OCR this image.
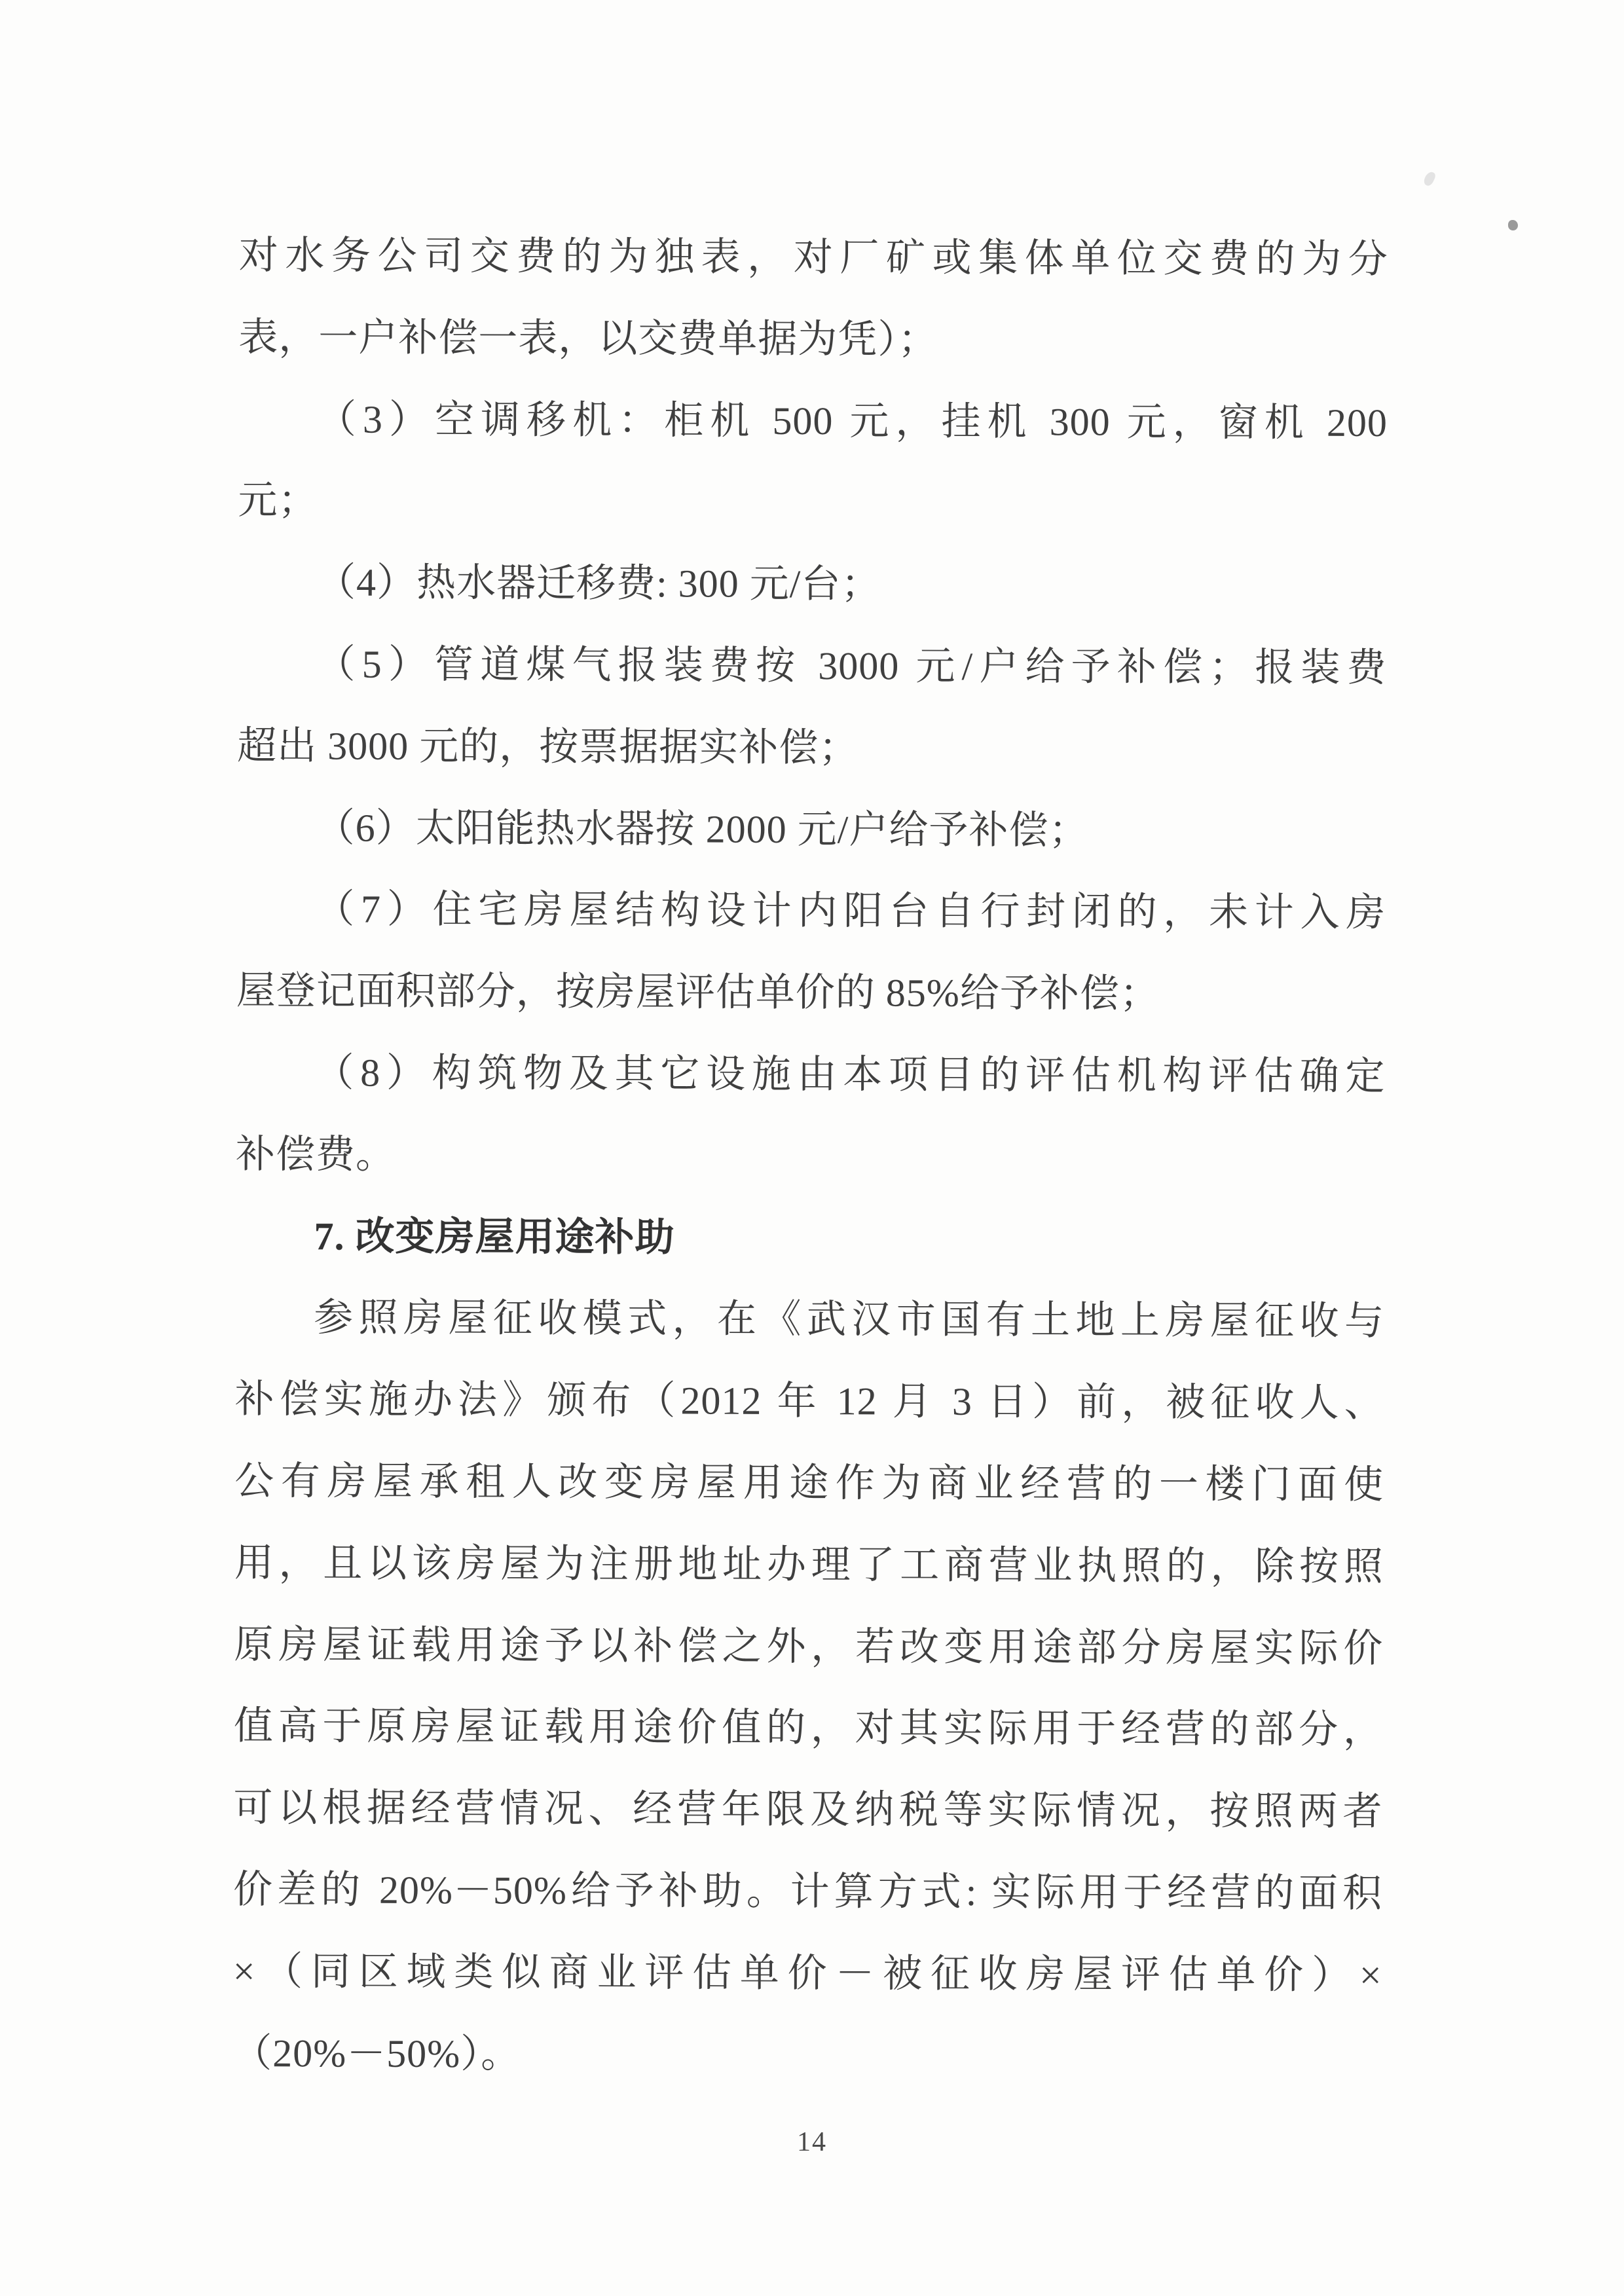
对水务公司交费的为独表，对厂矿或集体单位交费的为分

表，一户补偿一表，以交费单据为凭）；

（3）空调移机：柜机 500 元，挂机 300 元，窗机 200

元；

（4）热水器迁移费: 300 元/台；

（5）管道煤气报装费按 3000 元/户给予补偿；报装费

超出 3000 元的，按票据据实补偿；

（6）太阳能热水器按 2000 元/户给予补偿；

（7）住宅房屋结构设计内阳台自行封闭的，未计入房

屋登记面积部分，按房屋评估单价的 85%给予补偿；

（8）构筑物及其它设施由本项目的评估机构评估确定

补偿费。

7. 改变房屋用途补助

参照房屋征收模式，在《武汉市国有土地上房屋征收与

补偿实施办法》颁布（2012 年 12 月 3 日）前，被征收人、

公有房屋承租人改变房屋用途作为商业经营的一楼门面使

用，且以该房屋为注册地址办理了工商营业执照的，除按照

原房屋证载用途予以补偿之外，若改变用途部分房屋实际价

值高于原房屋证载用途价值的，对其实际用于经营的部分，

可以根据经营情况、经营年限及纳税等实际情况，按照两者

价差的 20%－50%给予补助。计算方式: 实际用于经营的面积

×（同区域类似商业评估单价－被征收房屋评估单价）×

（20%－50%）。

14
